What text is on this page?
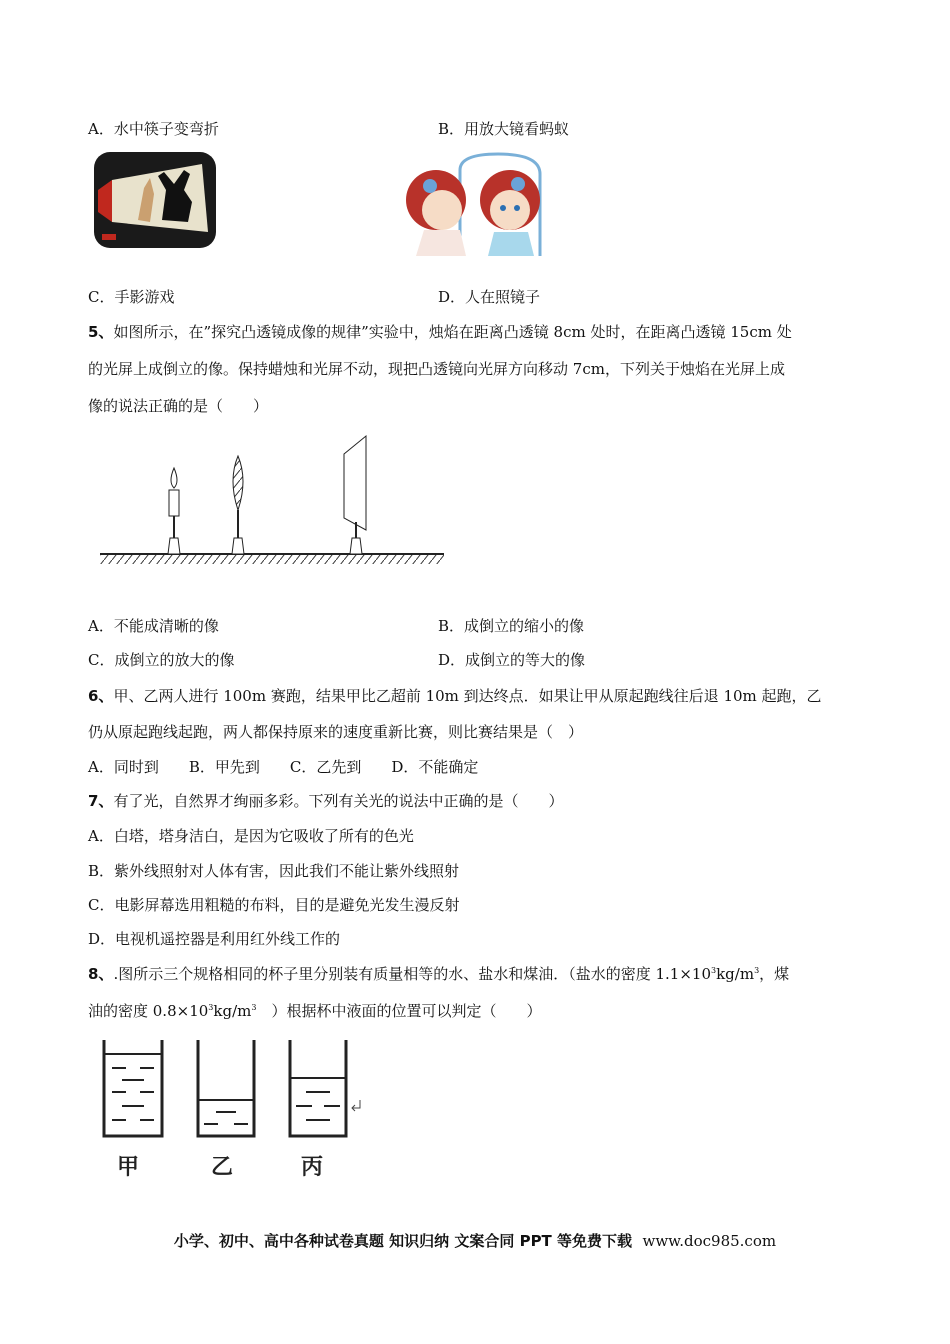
A．水中筷子变弯折	B．用放大镜看蚂蚁
C．手影游戏	D．人在照镜子
5、如图所示，在”探究凸透镜成像的规律”实验中，烛焰在距离凸透镜 8cm 处时，在距离凸透镜 15cm 处
的光屏上成倒立的像。保持蜡烛和光屏不动，现把凸透镜向光屏方向移动 7cm，下列关于烛焰在光屏上成
像的说法正确的是（　　）
A．不能成清晰的像	B．成倒立的缩小的像
C．成倒立的放大的像	D．成倒立的等大的像
6、甲、乙两人进行 100m 赛跑，结果甲比乙超前 10m 到达终点．如果让甲从原起跑线往后退 10m 起跑，乙
仍从原起跑线起跑，两人都保持原来的速度重新比赛，则比赛结果是（　）
A．同时到　　B．甲先到　　C．乙先到　　D．不能确定
7、有了光，自然界才绚丽多彩。下列有关光的说法中正确的是（　　）
A．白塔，塔身洁白，是因为它吸收了所有的色光
B．紫外线照射对人体有害，因此我们不能让紫外线照射
C．电影屏幕选用粗糙的布料，目的是避免光发生漫反射
D．电视机遥控器是利用红外线工作的
8、.图所示三个规格相同的杯子里分别装有质量相等的水、盐水和煤油．（盐水的密度 $1.1\times 10^3kg/m^3$，煤
油的密度 $0.8\times 10^3kg/m^3$　）根据杯中液面的位置可以判定（　　）
甲	乙	丙
小学、初中、高中各种试卷真题 知识归纳 文案合同 PPT 等免费下载 www.doc985.com
